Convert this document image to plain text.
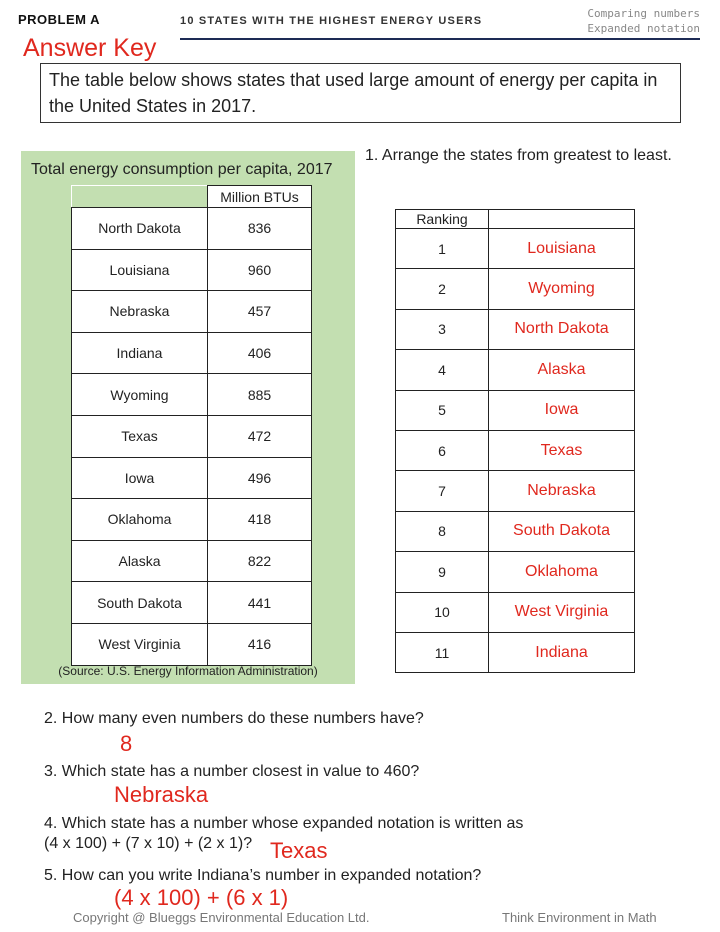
PROBLEM A	10 STATES WITH THE HIGHEST ENERGY USERS
Comparing numbers
Expanded notation
Answer Key
The table below shows states that used large amount of energy per capita in the United States in 2017.
Total energy consumption per capita, 2017
	Million BTUs
North Dakota	836
Louisiana	960
Nebraska	457
Indiana	406
Wyoming	885
Texas	472
Iowa	496
Oklahoma	418
Alaska	822
South Dakota	441
West Virginia	416
(Source: U.S. Energy Information Administration)
1. Arrange the states from greatest to least.
Ranking	
1	Louisiana
2	Wyoming
3	North Dakota
4	Alaska
5	Iowa
6	Texas
7	Nebraska
8	South Dakota
9	Oklahoma
10	West Virginia
11	Indiana
2. How many even numbers do these numbers have?
8
3. Which state has a number closest in value to 460?
Nebraska
4. Which state has a number whose expanded notation is written as
(4 x 100) + (7 x 10) + (2 x 1)? Texas
5. How can you write Indiana’s number in expanded notation?
(4 x 100) + (6 x 1)
Copyright @ Blueggs Environmental Education Ltd.	Think Environment in Math
